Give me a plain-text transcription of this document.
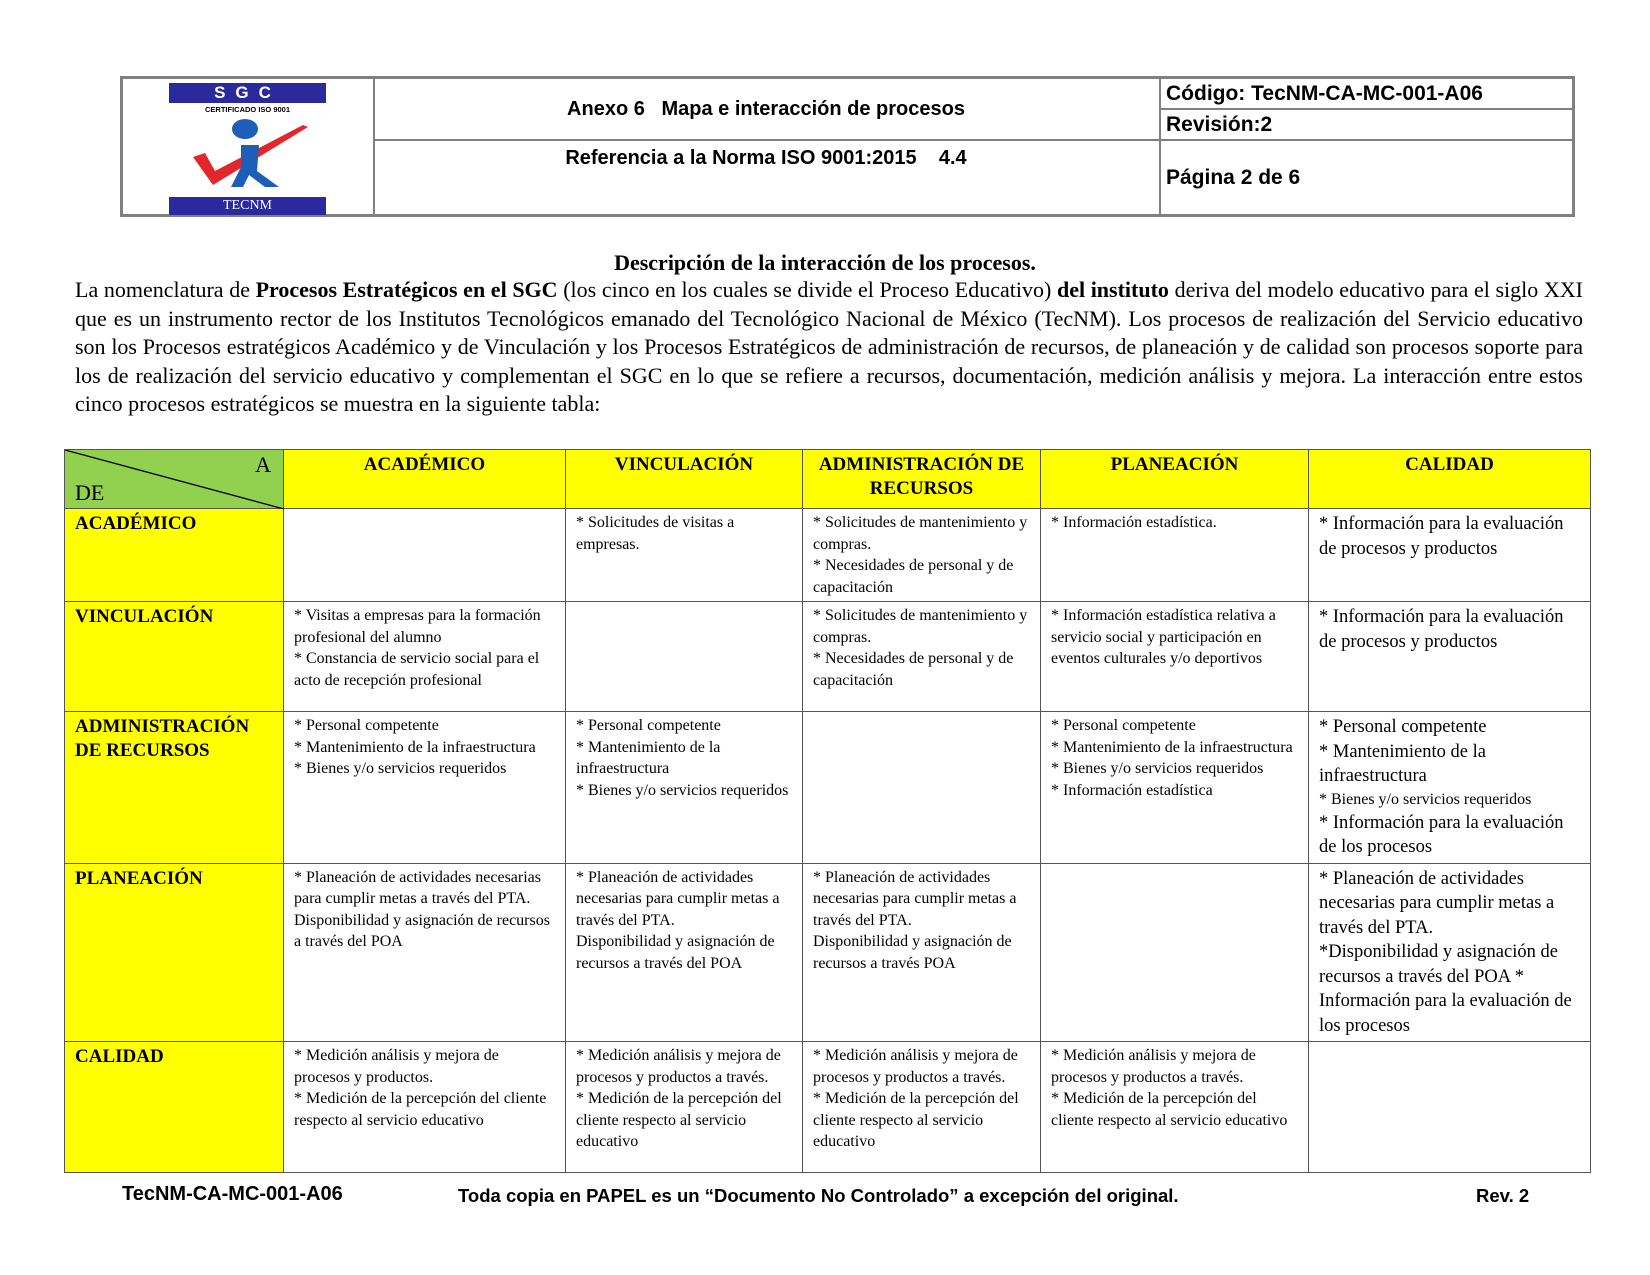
SGC
CERTIFICADO ISO 9001
TECNM
Anexo 6   Mapa e interacción de procesos
Referencia a la Norma ISO 9001:2015    4.4
Código: TecNM-CA-MC-001-A06
Revisión:2
Página 2 de 6
Descripción de la interacción de los procesos.
La nomenclatura de Procesos Estratégicos en el SGC (los cinco en los cuales se divide el Proceso Educativo) del instituto deriva del modelo educativo para el siglo XXI que es un instrumento rector de los Institutos Tecnológicos emanado del Tecnológico Nacional de México (TecNM). Los procesos de realización del Servicio educativo son los Procesos estratégicos Académico y de Vinculación y los Procesos Estratégicos de administración de recursos, de planeación y de calidad son procesos soporte para los de realización del servicio educativo y complementan el SGC en lo que se refiere a recursos, documentación, medición análisis y mejora. La interacción entre estos cinco procesos estratégicos se muestra en la siguiente tabla:
A
DE	ACADÉMICO	VINCULACIÓN	ADMINISTRACIÓN DE RECURSOS	PLANEACIÓN	CALIDAD
ACADÉMICO		* Solicitudes de visitas a empresas.	* Solicitudes de mantenimiento y compras.
* Necesidades de personal y de capacitación	* Información estadística.	* Información para la evaluación de procesos y productos

VINCULACIÓN	* Visitas a empresas para la formación profesional del alumno
* Constancia de servicio social para el acto de recepción profesional		* Solicitudes de mantenimiento y compras.
* Necesidades de personal y de capacitación	* Información estadística relativa a servicio social y participación en eventos culturales y/o deportivos	* Información para la evaluación de procesos y productos

ADMINISTRACIÓN DE RECURSOS	* Personal competente
* Mantenimiento de la infraestructura
* Bienes y/o servicios requeridos	* Personal competente
* Mantenimiento de la infraestructura
* Bienes y/o servicios requeridos		* Personal competente
* Mantenimiento de la infraestructura
* Bienes y/o servicios requeridos
* Información estadística	* Personal competente
* Mantenimiento de la infraestructura
* Bienes y/o servicios requeridos
* Información para la evaluación de los procesos

PLANEACIÓN	* Planeación de actividades necesarias para cumplir metas a través del PTA.
Disponibilidad y asignación de recursos a través del POA	* Planeación de actividades necesarias para cumplir metas a través del PTA.
Disponibilidad y asignación de recursos a través del POA	* Planeación de actividades necesarias para cumplir metas a través del PTA.
Disponibilidad y asignación de recursos a través POA		* Planeación de actividades necesarias para cumplir metas a través del PTA.
*Disponibilidad y asignación de recursos a través del POA * Información para la evaluación de los procesos

CALIDAD	* Medición análisis y mejora de procesos y productos.
* Medición de la percepción del cliente respecto al servicio educativo	* Medición análisis y mejora de procesos y productos a través.
* Medición de la percepción del cliente respecto al servicio educativo	* Medición análisis y mejora de procesos y productos a través.
* Medición de la percepción del cliente respecto al servicio educativo	* Medición análisis y mejora de procesos y productos a través.
* Medición de la percepción del cliente respecto al servicio educativo	

TecNM-CA-MC-001-A06	Toda copia en PAPEL es un “Documento No Controlado” a excepción del original.	Rev. 2
